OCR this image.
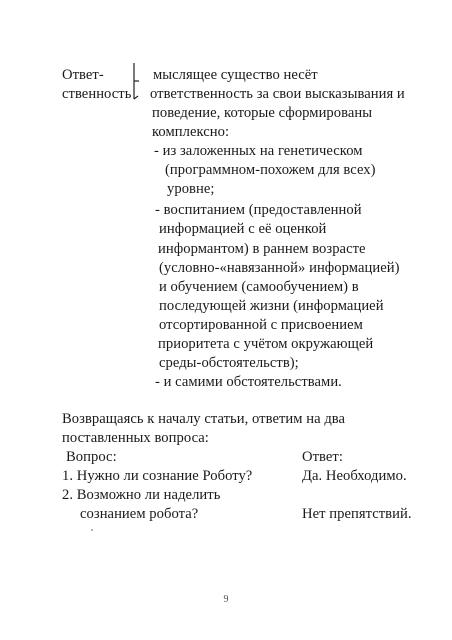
Ответ-
ственность
мыслящее существо несёт
ответственность за свои высказывания и
поведение, которые сформированы
комплексно:
- из заложенных на генетическом
(программном-похожем для всех)
уровне;
- воспитанием (предоставленной
информацией с её оценкой
информантом) в раннем возрасте
(условно-«навязанной» информацией)
и обучением (самообучением) в
последующей жизни (информацией
отсортированной с присвоением
приоритета с учётом окружающей
среды-обстоятельств);
- и самими обстоятельствами.
Возвращаясь к началу статьи, ответим на два
поставленных вопроса:
Вопрос:	Ответ:
1. Нужно ли сознание Роботу?	Да. Необходимо.
2. Возможно ли наделить
сознанием робота?	Нет препятствий.
9
